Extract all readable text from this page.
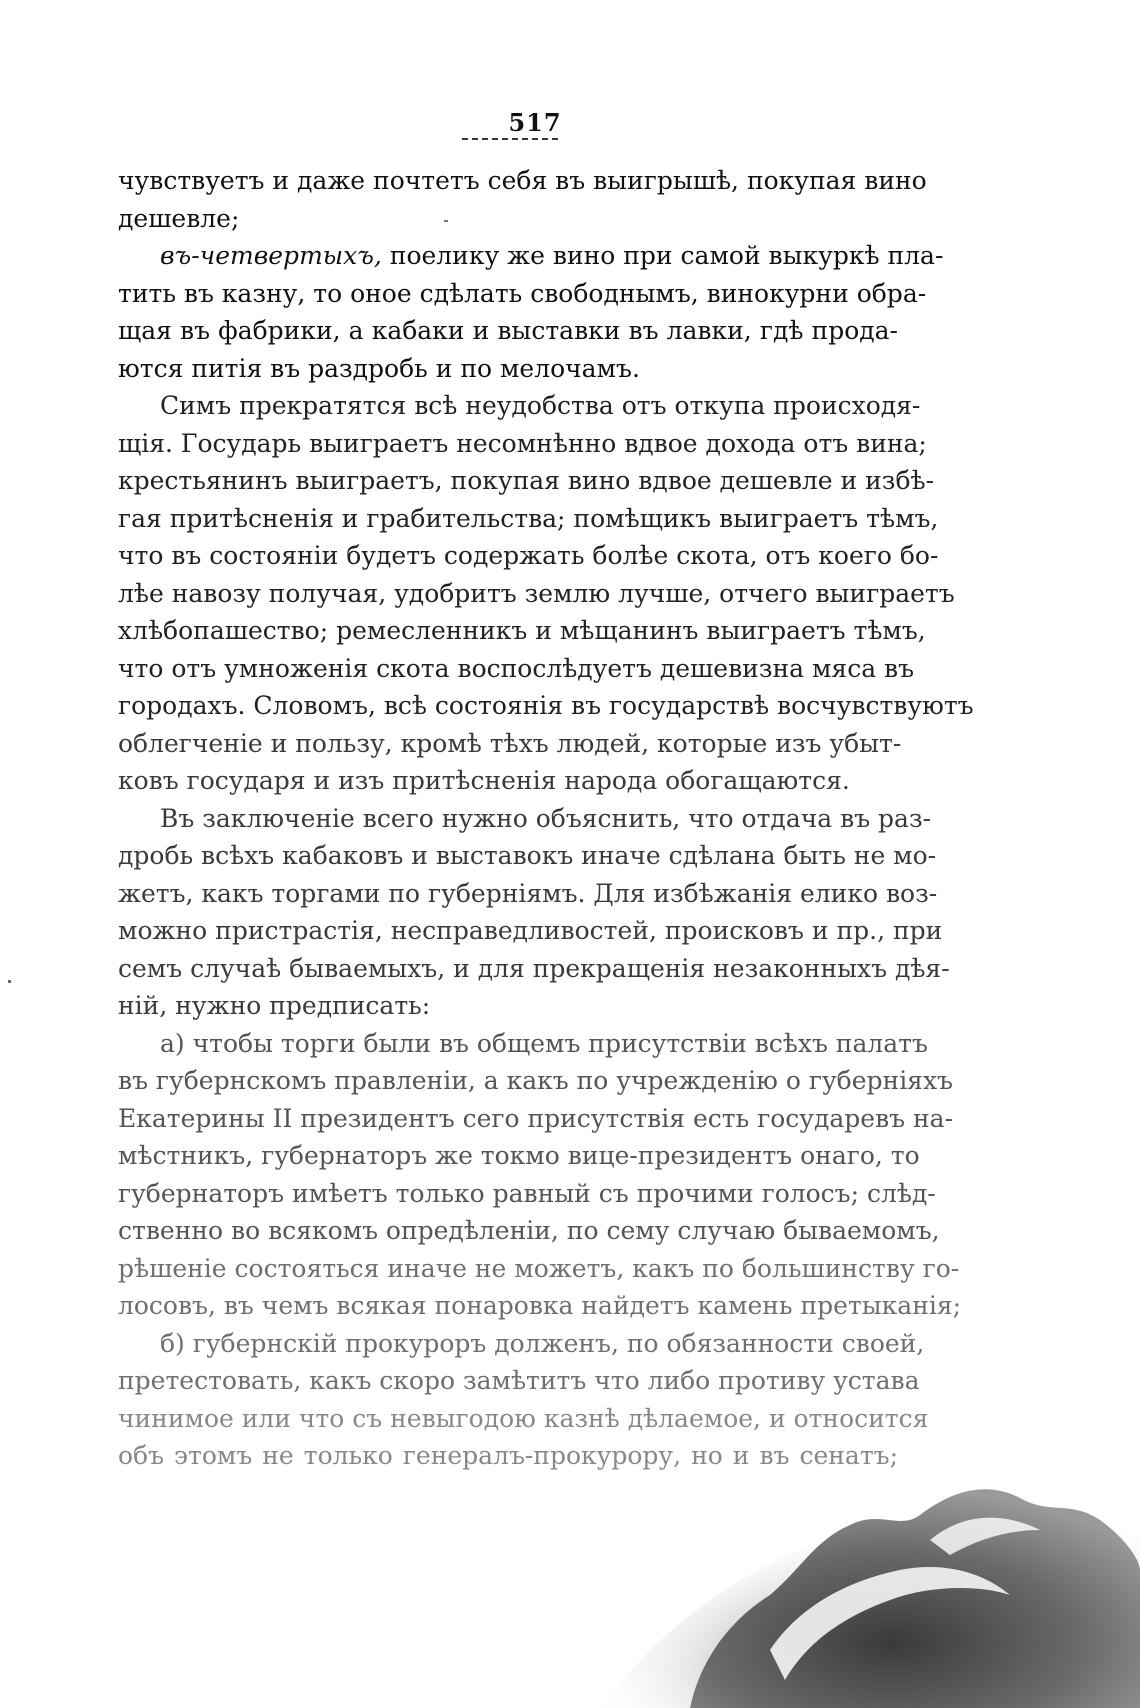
517
чувствуетъ и даже почтетъ себя въ выигрышѣ, покупая вино
дешевле;
въ-четвертыхъ, поелику же вино при самой выкуркѣ пла-
тить въ казну, то оное сдѣлать свободнымъ, винокурни обра-
щая въ фабрики, а кабаки и выставки въ лавки, гдѣ прода-
ются питія въ раздробь и по мелочамъ.
Симъ прекратятся всѣ неудобства отъ откупа происходя-
щія. Государь выиграетъ несомнѣнно вдвое дохода отъ вина;
крестьянинъ выиграетъ, покупая вино вдвое дешевле и избѣ-
гая притѣсненія и грабительства; помѣщикъ выиграетъ тѣмъ,
что въ состояніи будетъ содержать болѣе скота, отъ коего бо-
лѣе навозу получая, удобритъ землю лучше, отчего выиграетъ
хлѣбопашество; ремесленникъ и мѣщанинъ выиграетъ тѣмъ,
что отъ умноженія скота воспослѣдуетъ дешевизна мяса въ
городахъ. Словомъ, всѣ состоянія въ государствѣ восчувствуютъ
облегченіе и пользу, кромѣ тѣхъ людей, которые изъ убыт-
ковъ государя и изъ притѣсненія народа обогащаются.
Въ заключеніе всего нужно объяснить, что отдача въ раз-
дробь всѣхъ кабаковъ и выставокъ иначе сдѣлана быть не мо-
жетъ, какъ торгами по губерніямъ. Для избѣжанія елико воз-
можно пристрастія, несправедливостей, происковъ и пр., при
семъ случаѣ бываемыхъ, и для прекращенія незаконныхъ дѣя-
ній, нужно предписать:
а) чтобы торги были въ общемъ присутствіи всѣхъ палатъ
въ губернскомъ правленіи, а какъ по учрежденію о губерніяхъ
Екатерины II президентъ сего присутствія есть государевъ на-
мѣстникъ, губернаторъ же токмо вице-президентъ онаго, то
губернаторъ имѣетъ только равный съ прочими голосъ; слѣд-
ственно во всякомъ опредѣленіи, по сему случаю бываемомъ,
рѣшеніе состояться иначе не можетъ, какъ по большинству го-
лосовъ, въ чемъ всякая понаровка найдетъ камень претыканія;
б) губернскій прокуроръ долженъ, по обязанности своей,
претестовать, какъ скоро замѣтитъ что либо противу устава
чинимое или что съ невыгодою казнѣ дѣлаемое, и относится
объ этомъ не только генералъ-прокурору, но и въ сенатъ;
